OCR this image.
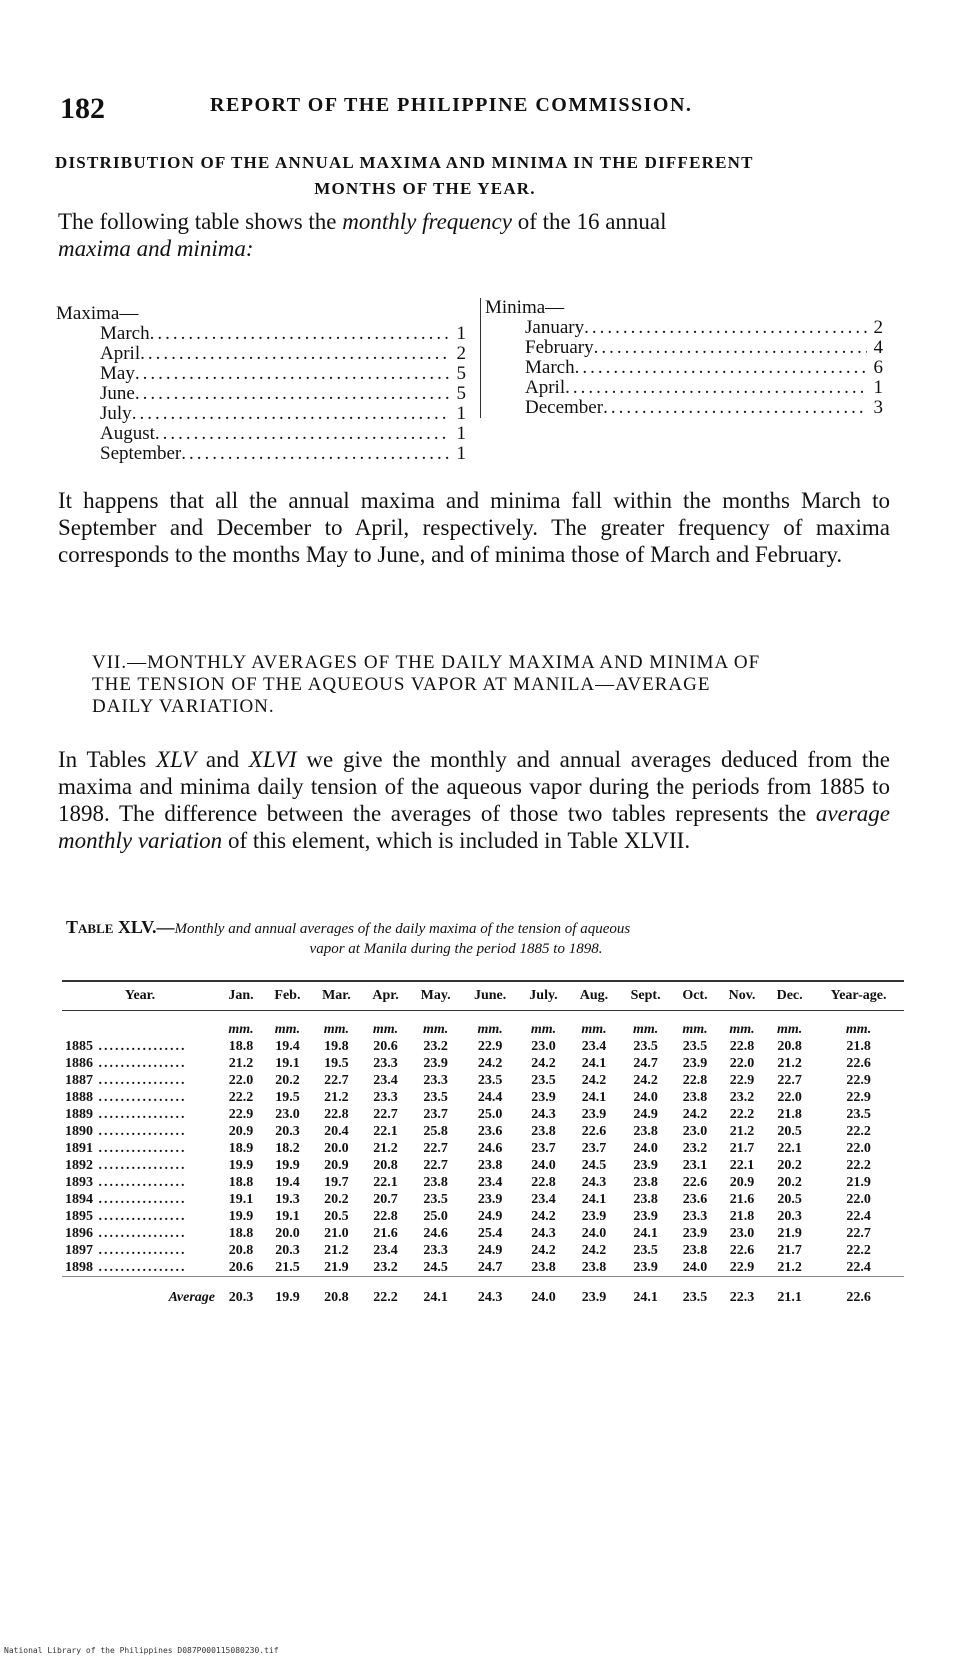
182	REPORT OF THE PHILIPPINE COMMISSION.
DISTRIBUTION OF THE ANNUAL MAXIMA AND MINIMA IN THE DIFFERENT
MONTHS OF THE YEAR.
The following table shows the monthly frequency of the 16 annual
maxima and minima:
Maxima—
March .....	1
April .....	2
May .....	5
June .....	5
July .....	1
August .....	1
September .....	1
Minima—
January .....	2
February .....	4
March .....	6
April .....	1
December .....	3
It happens that all the annual maxima and minima fall within the months March to September and December to April, respectively. The greater frequency of maxima corresponds to the months May to June, and of minima those of March and February.
VII.—MONTHLY AVERAGES OF THE DAILY MAXIMA AND MINIMA OF
THE TENSION OF THE AQUEOUS VAPOR AT MANILA—AVERAGE
DAILY VARIATION.
In Tables XLV and XLVI we give the monthly and annual averages deduced from the maxima and minima daily tension of the aqueous vapor during the periods from 1885 to 1898. The difference between the averages of those two tables represents the average monthly variation of this element, which is included in Table XLVII.
Table XLV.—Monthly and annual averages of the daily maxima of the tension of aqueous
vapor at Manila during the period 1885 to 1898.
Year.	Jan.	Feb.	Mar.	Apr.	May.	June.	July.	Aug.	Sept.	Oct.	Nov.	Dec.	Year-age.
	mm.	mm.	mm.	mm.	mm.	mm.	mm.	mm.	mm.	mm.	mm.	mm.	mm.
1885 .....	18.8	19.4	19.8	20.6	23.2	22.9	23.0	23.4	23.5	23.5	22.8	20.8	21.8
1886 .....	21.2	19.1	19.5	23.3	23.9	24.2	24.2	24.1	24.7	23.9	22.0	21.2	22.6
1887 .....	22.0	20.2	22.7	23.4	23.3	23.5	23.5	24.2	24.2	22.8	22.9	22.7	22.9
1888 .....	22.2	19.5	21.2	23.3	23.5	24.4	23.9	24.1	24.0	23.8	23.2	22.0	22.9
1889 .....	22.9	23.0	22.8	22.7	23.7	25.0	24.3	23.9	24.9	24.2	22.2	21.8	23.5
1890 .....	20.9	20.3	20.4	22.1	25.8	23.6	23.8	22.6	23.8	23.0	21.2	20.5	22.2
1891 .....	18.9	18.2	20.0	21.2	22.7	24.6	23.7	23.7	24.0	23.2	21.7	22.1	22.0
1892 .....	19.9	19.9	20.9	20.8	22.7	23.8	24.0	24.5	23.9	23.1	22.1	20.2	22.2
1893 .....	18.8	19.4	19.7	22.1	23.8	23.4	22.8	24.3	23.8	22.6	20.9	20.2	21.9
1894 .....	19.1	19.3	20.2	20.7	23.5	23.9	23.4	24.1	23.8	23.6	21.6	20.5	22.0
1895 .....	19.9	19.1	20.5	22.8	25.0	24.9	24.2	23.9	23.9	23.3	21.8	20.3	22.4
1896 .....	18.8	20.0	21.0	21.6	24.6	25.4	24.3	24.0	24.1	23.9	23.0	21.9	22.7
1897 .....	20.8	20.3	21.2	23.4	23.3	24.9	24.2	24.2	23.5	23.8	22.6	21.7	22.2
1898 .....	20.6	21.5	21.9	23.2	24.5	24.7	23.8	23.8	23.9	24.0	22.9	21.2	22.4
Average	20.3	19.9	20.8	22.2	24.1	24.3	24.0	23.9	24.1	23.5	22.3	21.1	22.6
National Library of the Philippines D087P000115080230.tif
